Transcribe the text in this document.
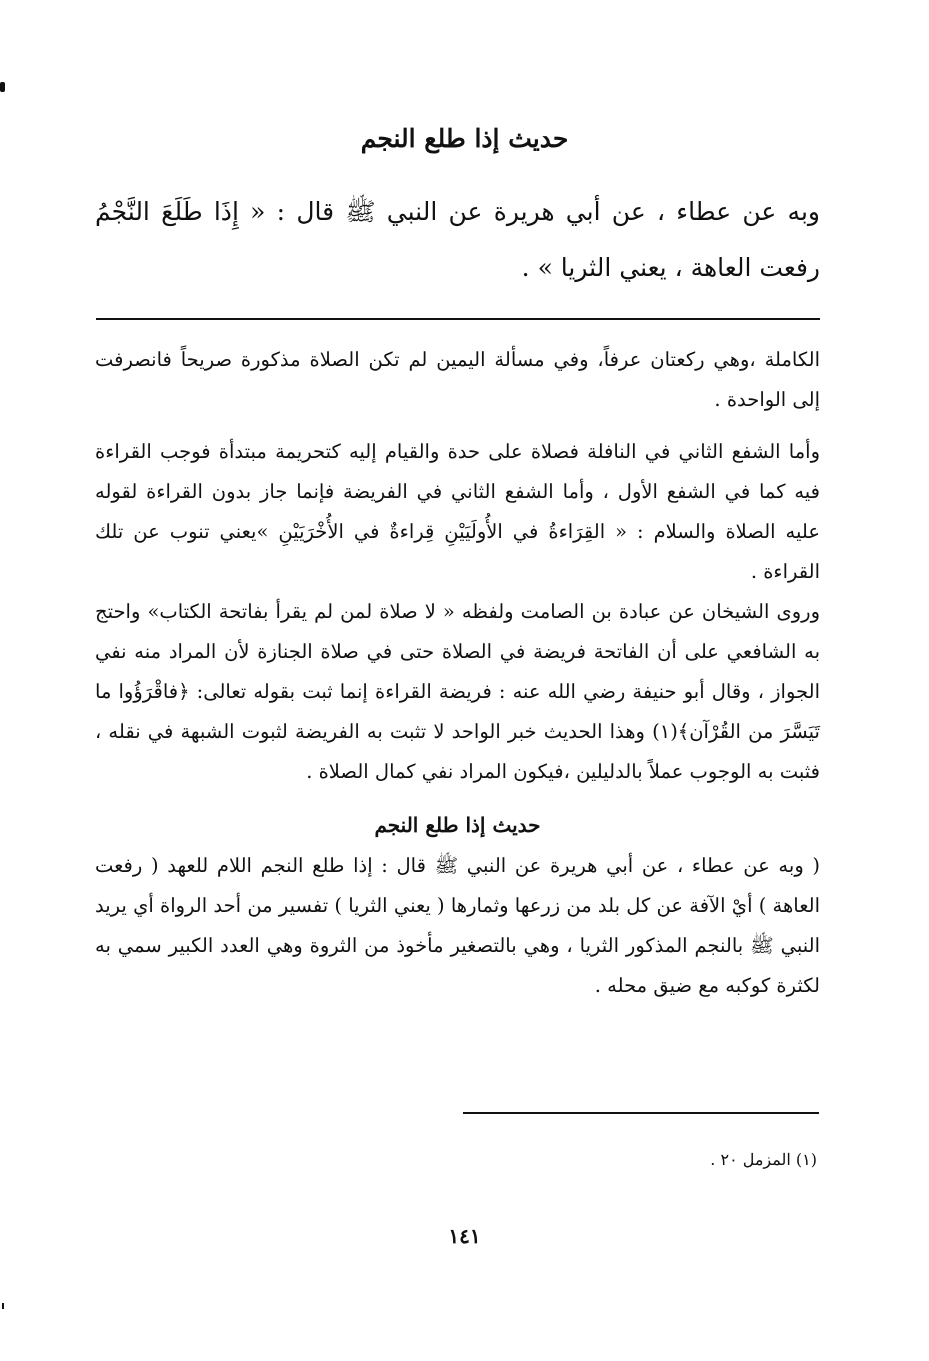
حديث إذا طلع النجم
وبه عن عطاء ، عن أبي هريرة عن النبي ﷺ قال : « إِذَا طَلَعَ النَّجْمُ رفعت العاهة ، يعني الثريا » .

الكاملة ،وهي ركعتان عرفاً، وفي مسألة اليمين لم تكن الصلاة مذكورة صريحاً فانصرفت إلى الواحدة .

وأما الشفع الثاني في النافلة فصلاة على حدة والقيام إليه كتحريمة مبتدأة فوجب القراءة فيه كما في الشفع الأول ، وأما الشفع الثاني في الفريضة فإنما جاز بدون القراءة لقوله عليه الصلاة والسلام : « القِرَاءةُ في الأُولَيَيْنِ قِراءةٌ في الأُخْرَيَيْنِ »يعني تنوب عن تلك القراءة .

وروى الشيخان عن عبادة بن الصامت ولفظه « لا صلاة لمن لم يقرأ بفاتحة الكتاب» واحتج به الشافعي على أن الفاتحة فريضة في الصلاة حتى في صلاة الجنازة لأن المراد منه نفي الجواز ، وقال أبو حنيفة رضي الله عنه : فريضة القراءة إنما ثبت بقوله تعالى: ﴿فاقْرَؤُوا ما تَيَسَّرَ من القُرْآن﴾(١) وهذا الحديث خبر الواحد لا تثبت به الفريضة لثبوت الشبهة في نقله ، فثبت به الوجوب عملاً بالدليلين ،فيكون المراد نفي كمال الصلاة .

حديث إذا طلع النجم

( وبه عن عطاء ، عن أبي هريرة عن النبي ﷺ قال : إذا طلع النجم اللام للعهد ( رفعت العاهة ) أيْ الآفة عن كل بلد من زرعها وثمارها ( يعني الثريا ) تفسير من أحد الرواة أي يريد النبي ﷺ بالنجم المذكور الثريا ، وهي بالتصغير مأخوذ من الثروة وهي العدد الكبير سمي به لكثرة كوكبه مع ضيق محله .

(١) المزمل ٢٠ .
١٤١
